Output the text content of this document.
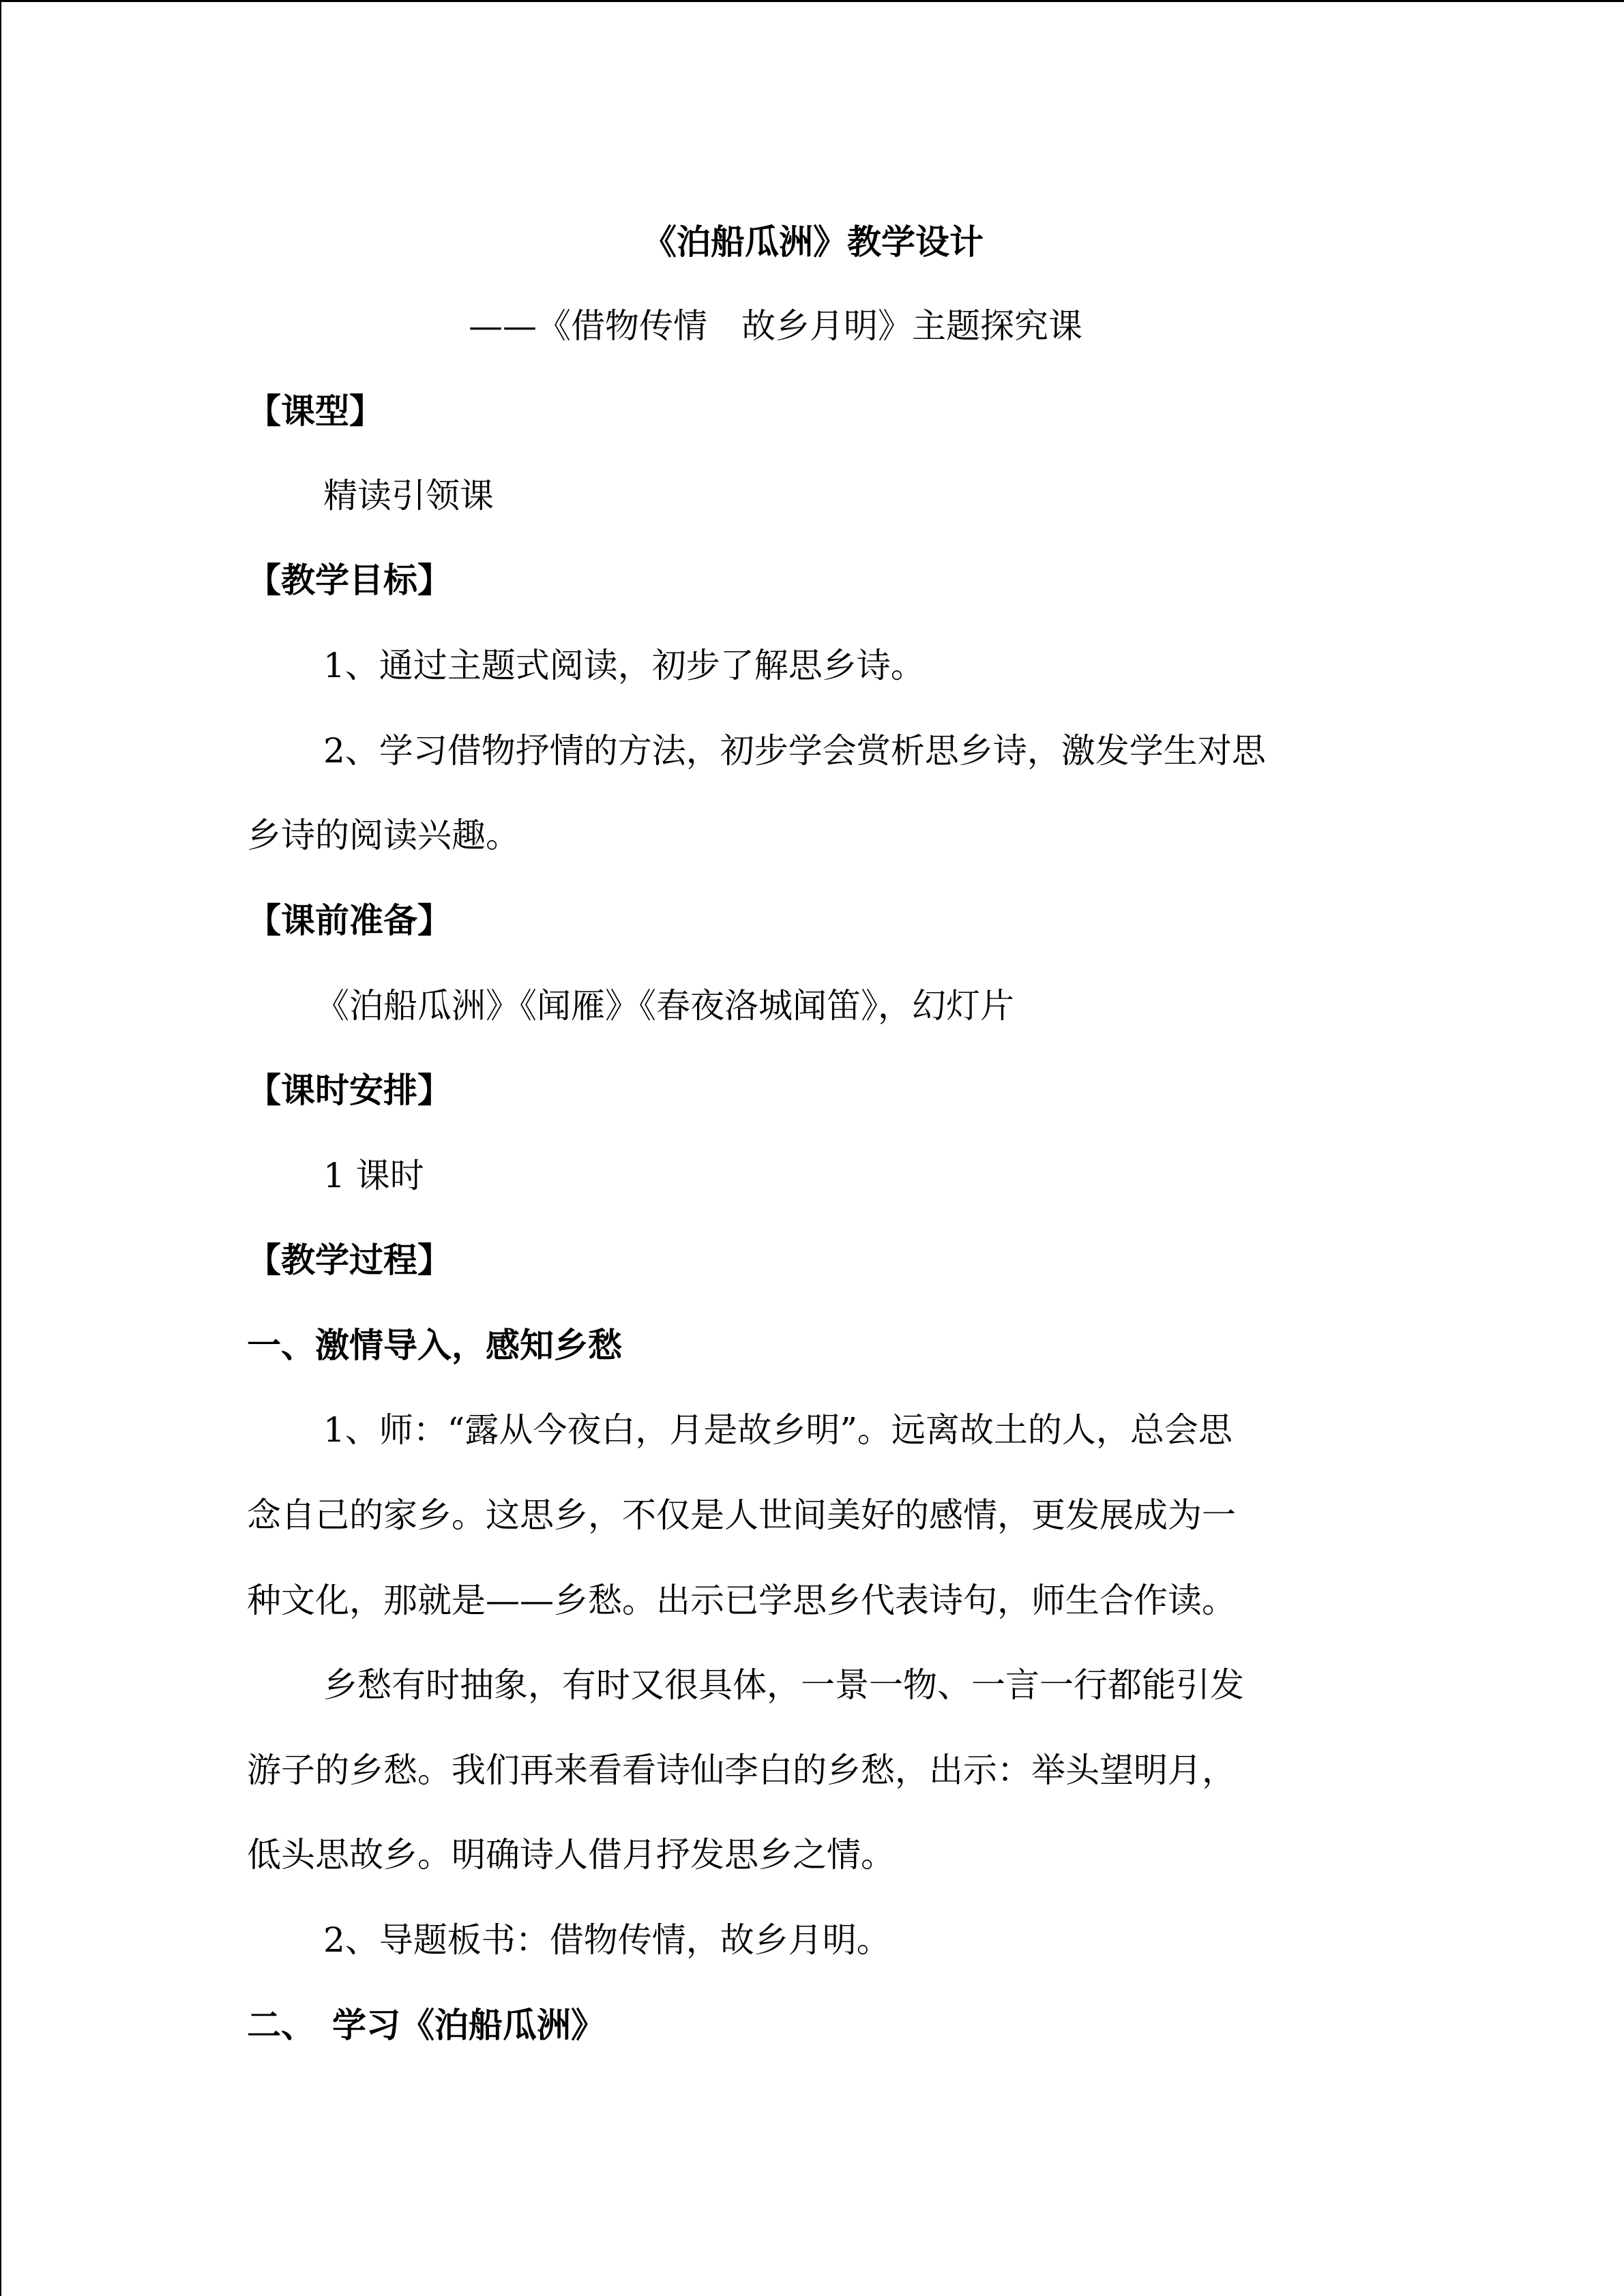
《泊船瓜洲》教学设计
——《借物传情　故乡月明》主题探究课
【课型】
精读引领课
【教学目标】
1、通过主题式阅读，初步了解思乡诗。
2、学习借物抒情的方法，初步学会赏析思乡诗，激发学生对思
乡诗的阅读兴趣。
【课前准备】
《泊船瓜洲》《闻雁》《春夜洛城闻笛》，幻灯片
【课时安排】
1 课时
【教学过程】
一、激情导入，感知乡愁
1、师：“露从今夜白，月是故乡明”。远离故土的人，总会思
念自己的家乡。这思乡，不仅是人世间美好的感情，更发展成为一
种文化，那就是——乡愁。出示已学思乡代表诗句，师生合作读。
乡愁有时抽象，有时又很具体，一景一物、一言一行都能引发
游子的乡愁。我们再来看看诗仙李白的乡愁，出示：举头望明月，
低头思故乡。明确诗人借月抒发思乡之情。
2、导题板书：借物传情，故乡月明。
二、　学习《泊船瓜洲》
